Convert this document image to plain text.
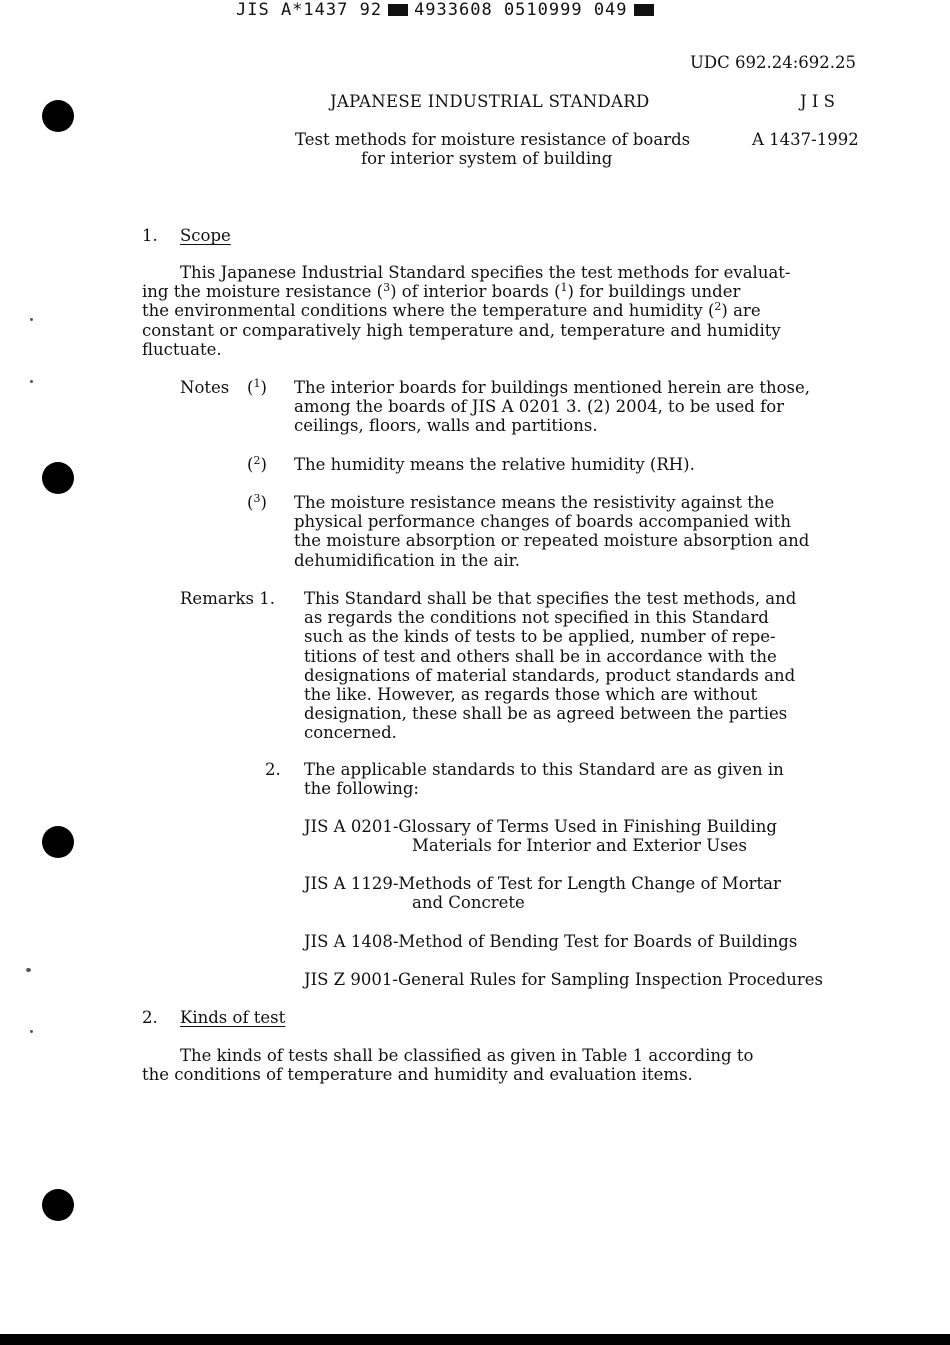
JIS A*1437 92 4933608 0510999 049
UDC 692.24:692.25
JAPANESE INDUSTRIAL STANDARD	J I S
Test methods for moisture resistance of boards
for interior system of building
A 1437-1992
1. Scope
This Japanese Industrial Standard specifies the test methods for evaluat-
ing the moisture resistance ($^3$) of interior boards ($^1$) for buildings under
the environmental conditions where the temperature and humidity ($^2$) are
constant or comparatively high temperature and, temperature and humidity
fluctuate.
Notes ($^1$) The interior boards for buildings mentioned herein are those,
among the boards of JIS A 0201 3. (2) 2004, to be used for
ceilings, floors, walls and partitions.
($^2$) The humidity means the relative humidity (RH).
($^3$) The moisture resistance means the resistivity against the
physical performance changes of boards accompanied with
the moisture absorption or repeated moisture absorption and
dehumidification in the air.
Remarks 1. This Standard shall be that specifies the test methods, and
as regards the conditions not specified in this Standard
such as the kinds of tests to be applied, number of repe-
titions of test and others shall be in accordance with the
designations of material standards, product standards and
the like. However, as regards those which are without
designation, these shall be as agreed between the parties
concerned.
2. The applicable standards to this Standard are as given in
the following:
JIS A 0201-Glossary of Terms Used in Finishing Building
Materials for Interior and Exterior Uses
JIS A 1129-Methods of Test for Length Change of Mortar
and Concrete
JIS A 1408-Method of Bending Test for Boards of Buildings
JIS Z 9001-General Rules for Sampling Inspection Procedures
2. Kinds of test
The kinds of tests shall be classified as given in Table 1 according to
the conditions of temperature and humidity and evaluation items.
